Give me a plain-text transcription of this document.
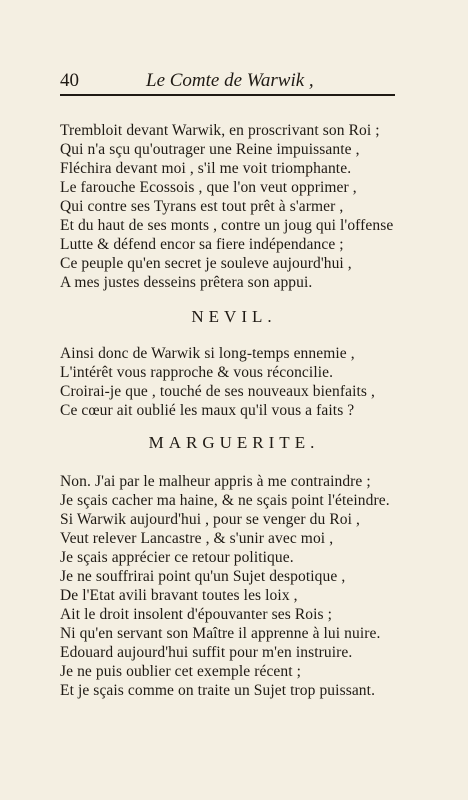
40	Le Comte de Warwik ,
Trembloit devant Warwik, en proscrivant son Roi ;
Qui n'a sçu qu'outrager une Reine impuissante ,
Fléchira devant moi , s'il me voit triomphante.
Le farouche Ecossois , que l'on veut opprimer ,
Qui contre ses Tyrans est tout prêt à s'armer ,
Et du haut de ses monts , contre un joug qui l'offense
Lutte & défend encor sa fiere indépendance ;
Ce peuple qu'en secret je souleve aujourd'hui ,
A mes justes desseins prêtera son appui.
NEVIL.
Ainsi donc de Warwik si long-temps ennemie ,
L'intérêt vous rapproche & vous réconcilie.
Croirai-je que , touché de ses nouveaux bienfaits ,
Ce cœur ait oublié les maux qu'il vous a faits ?
MARGUERITE.
Non. J'ai par le malheur appris à me contraindre ;
Je sçais cacher ma haine, & ne sçais point l'éteindre.
Si Warwik aujourd'hui , pour se venger du Roi ,
Veut relever Lancastre , & s'unir avec moi ,
Je sçais apprécier ce retour politique.
Je ne souffrirai point qu'un Sujet despotique ,
De l'Etat avili bravant toutes les loix ,
Ait le droit insolent d'épouvanter ses Rois ;
Ni qu'en servant son Maître il apprenne à lui nuire.
Edouard aujourd'hui suffit pour m'en instruire.
Je ne puis oublier cet exemple récent ;
Et je sçais comme on traite un Sujet trop puissant.
